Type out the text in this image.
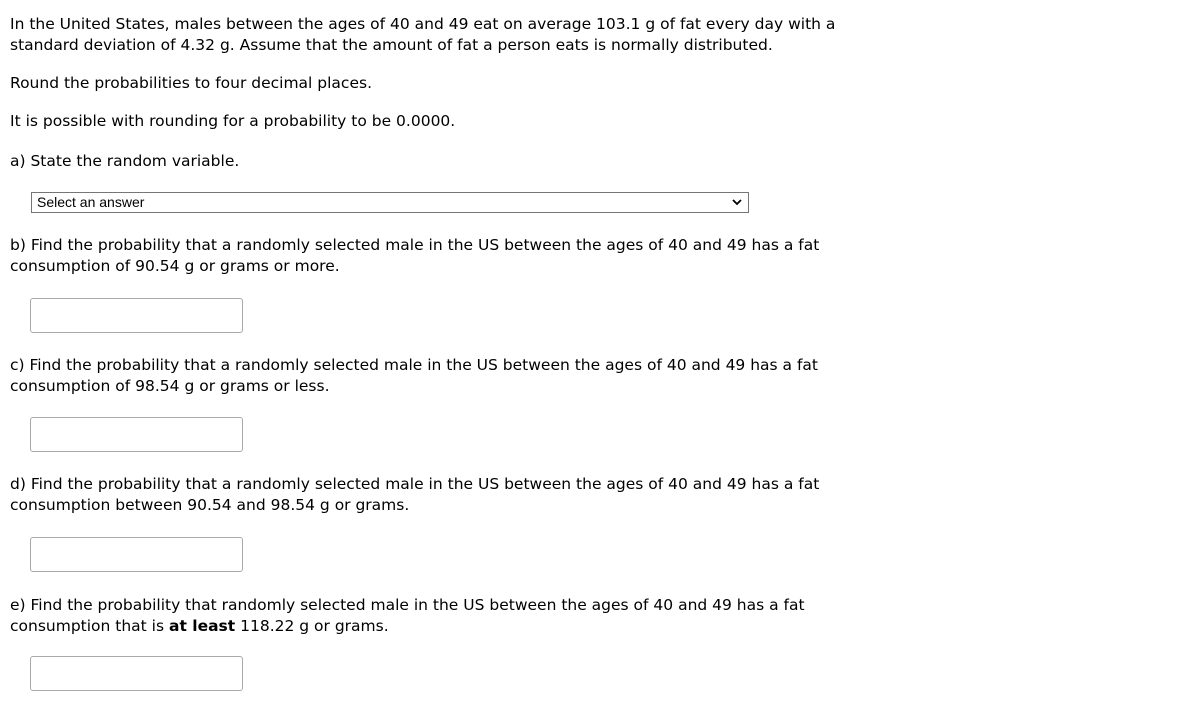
In the United States, males between the ages of 40 and 49 eat on average 103.1 g of fat every day with a

standard deviation of 4.32 g. Assume that the amount of fat a person eats is normally distributed.

Round the probabilities to four decimal places.

It is possible with rounding for a probability to be 0.0000.

a) State the random variable.

Select an answer

b) Find the probability that a randomly selected male in the US between the ages of 40 and 49 has a fat

consumption of 90.54 g or grams or more.

c) Find the probability that a randomly selected male in the US between the ages of 40 and 49 has a fat

consumption of 98.54 g or grams or less.

d) Find the probability that a randomly selected male in the US between the ages of 40 and 49 has a fat

consumption between 90.54 and 98.54 g or grams.

e) Find the probability that randomly selected male in the US between the ages of 40 and 49 has a fat

consumption that is at least 118.22 g or grams.
